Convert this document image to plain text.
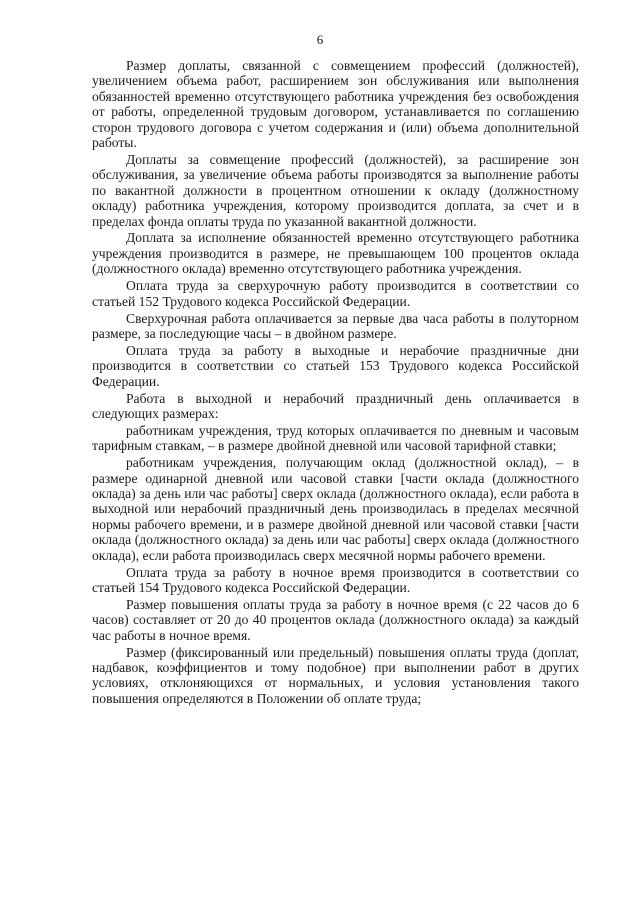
6

Размер доплаты, связанной с совмещением профессий (должностей), увеличением объема работ, расширением зон обслуживания или выполнения обязанностей временно отсутствующего работника учреждения без освобождения от работы, определенной трудовым договором, устанавливается по соглашению сторон трудового договора с учетом содержания и (или) объема дополнительной работы.

Доплаты за совмещение профессий (должностей), за расширение зон обслуживания, за увеличение объема работы производятся за выполнение работы по вакантной должности в процентном отношении к окладу (должностному окладу) работника учреждения, которому производится доплата, за счет и в пределах фонда оплаты труда по указанной вакантной должности.

Доплата за исполнение обязанностей временно отсутствующего работника учреждения производится в размере, не превышающем 100 процентов оклада (должностного оклада) временно отсутствующего работника учреждения.

Оплата труда за сверхурочную работу производится в соответствии со статьей 152 Трудового кодекса Российской Федерации.

Сверхурочная работа оплачивается за первые два часа работы в полуторном размере, за последующие часы – в двойном размере.

Оплата труда за работу в выходные и нерабочие праздничные дни производится в соответствии со статьей 153 Трудового кодекса Российской Федерации.

Работа в выходной и нерабочий праздничный день оплачивается в следующих размерах:

работникам учреждения, труд которых оплачивается по дневным и часовым тарифным ставкам, – в размере двойной дневной или часовой тарифной ставки;

работникам учреждения, получающим оклад (должностной оклад), – в размере одинарной дневной или часовой ставки [части оклада (должностного оклада) за день или час работы] сверх оклада (должностного оклада), если работа в выходной или нерабочий праздничный день производилась в пределах месячной нормы рабочего времени, и в размере двойной дневной или часовой ставки [части оклада (должностного оклада) за день или час работы] сверх оклада (должностного оклада), если работа производилась сверх месячной нормы рабочего времени.

Оплата труда за работу в ночное время производится в соответствии со статьей 154 Трудового кодекса Российской Федерации.

Размер повышения оплаты труда за работу в ночное время (с 22 часов до 6 часов) составляет от 20 до 40 процентов оклада (должностного оклада) за каждый час работы в ночное время.

Размер (фиксированный или предельный) повышения оплаты труда (доплат, надбавок, коэффициентов и тому подобное) при выполнении работ в других условиях, отклоняющихся от нормальных, и условия установления такого повышения определяются в Положении об оплате труда;
